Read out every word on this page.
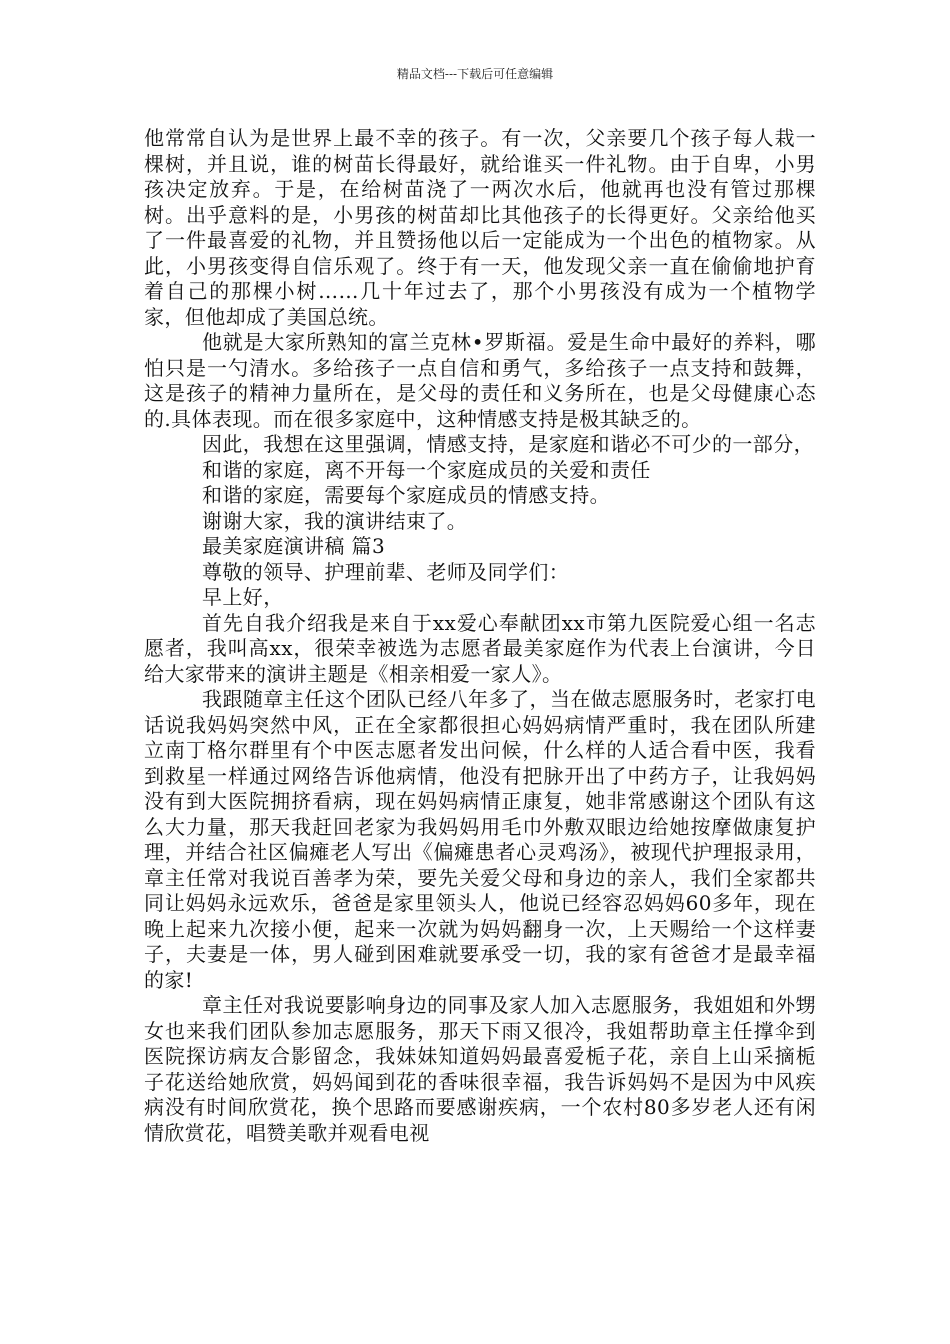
精品文档---下载后可任意编辑

他常常自认为是世界上最不幸的孩子。有一次，父亲要几个孩子每人栽一棵树，并且说，谁的树苗长得最好，就给谁买一件礼物。由于自卑，小男孩决定放弃。于是，在给树苗浇了一两次水后，他就再也没有管过那棵树。出乎意料的是，小男孩的树苗却比其他孩子的长得更好。父亲给他买了一件最喜爱的礼物，并且赞扬他以后一定能成为一个出色的植物家。从此，小男孩变得自信乐观了。终于有一天，他发现父亲一直在偷偷地护育着自己的那棵小树……几十年过去了，那个小男孩没有成为一个植物学家，但他却成了美国总统。

他就是大家所熟知的富兰克林•罗斯福。爱是生命中最好的养料，哪怕只是一勺清水。多给孩子一点自信和勇气，多给孩子一点支持和鼓舞，这是孩子的精神力量所在，是父母的责任和义务所在，也是父母健康心态的.具体表现。而在很多家庭中，这种情感支持是极其缺乏的。

因此，我想在这里强调，情感支持，是家庭和谐必不可少的一部分，

和谐的家庭，离不开每一个家庭成员的关爱和责任

和谐的家庭，需要每个家庭成员的情感支持。

谢谢大家，我的演讲结束了。

最美家庭演讲稿 篇3

尊敬的领导、护理前辈、老师及同学们：

早上好，

首先自我介绍我是来自于xx爱心奉献团xx市第九医院爱心组一名志愿者，我叫高xx，很荣幸被选为志愿者最美家庭作为代表上台演讲，今日给大家带来的演讲主题是《相亲相爱一家人》。

我跟随章主任这个团队已经八年多了，当在做志愿服务时，老家打电话说我妈妈突然中风，正在全家都很担心妈妈病情严重时，我在团队所建立南丁格尔群里有个中医志愿者发出问候，什么样的人适合看中医，我看到救星一样通过网络告诉他病情，他没有把脉开出了中药方子，让我妈妈没有到大医院拥挤看病，现在妈妈病情正康复，她非常感谢这个团队有这么大力量，那天我赶回老家为我妈妈用毛巾外敷双眼边给她按摩做康复护理，并结合社区偏瘫老人写出《偏瘫患者心灵鸡汤》，被现代护理报录用，章主任常对我说百善孝为荣，要先关爱父母和身边的亲人，我们全家都共同让妈妈永远欢乐，爸爸是家里领头人，他说已经容忍妈妈60多年，现在晚上起来九次接小便，起来一次就为妈妈翻身一次，上天赐给一个这样妻子，夫妻是一体，男人碰到困难就要承受一切，我的家有爸爸才是最幸福的家!

章主任对我说要影响身边的同事及家人加入志愿服务，我姐姐和外甥女也来我们团队参加志愿服务，那天下雨又很冷，我姐帮助章主任撑伞到医院探访病友合影留念，我妹妹知道妈妈最喜爱栀子花，亲自上山采摘栀子花送给她欣赏，妈妈闻到花的香味很幸福，我告诉妈妈不是因为中风疾病没有时间欣赏花，换个思路而要感谢疾病，一个农村80多岁老人还有闲情欣赏花，唱赞美歌并观看电视
